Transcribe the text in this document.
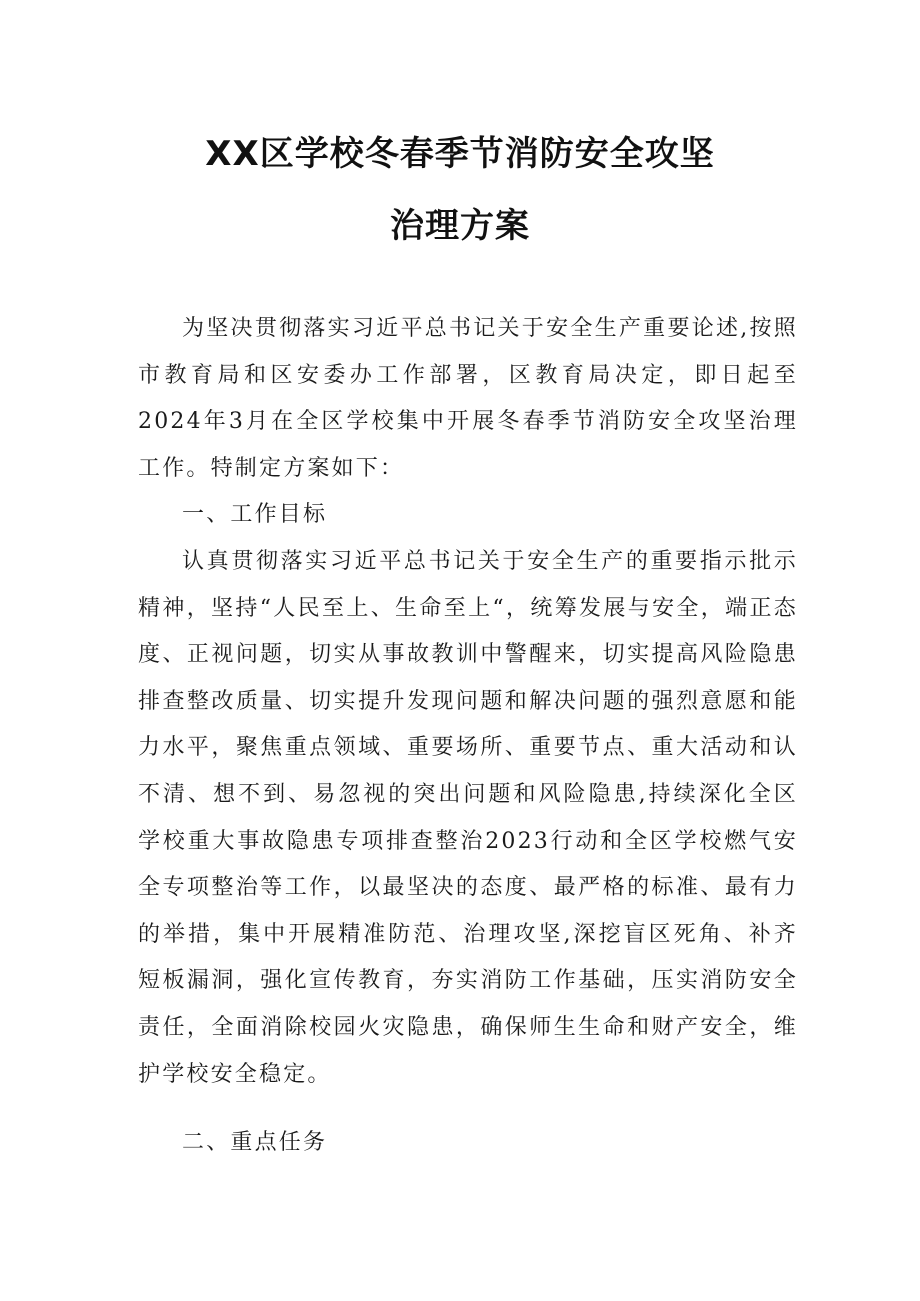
XX区学校冬春季节消防安全攻坚
治理方案

为坚决贯彻落实习近平总书记关于安全生产重要论述,按照市教育局和区安委办工作部署，区教育局决定，即日起至2024年3月在全区学校集中开展冬春季节消防安全攻坚治理工作。特制定方案如下：

一、工作目标

认真贯彻落实习近平总书记关于安全生产的重要指示批示精神，坚持“人民至上、生命至上“，统筹发展与安全，端正态度、正视问题，切实从事故教训中警醒来，切实提高风险隐患排查整改质量、切实提升发现问题和解决问题的强烈意愿和能力水平，聚焦重点领域、重要场所、重要节点、重大活动和认不清、想不到、易忽视的突出问题和风险隐患,持续深化全区学校重大事故隐患专项排查整治2023行动和全区学校燃气安全专项整治等工作，以最坚决的态度、最严格的标准、最有力的举措，集中开展精准防范、治理攻坚,深挖盲区死角、补齐短板漏洞，强化宣传教育，夯实消防工作基础，压实消防安全责任，全面消除校园火灾隐患，确保师生生命和财产安全，维护学校安全稳定。

二、重点任务
